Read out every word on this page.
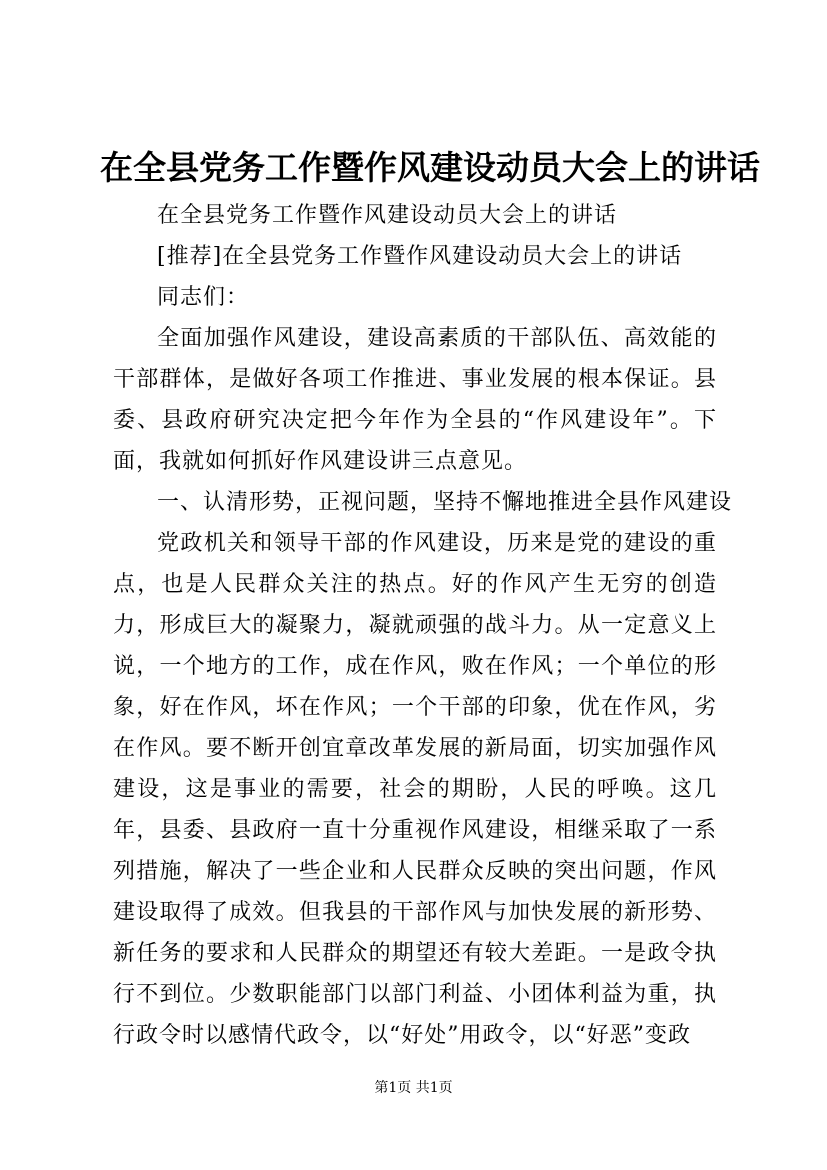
在全县党务工作暨作风建设动员大会上的讲话

在全县党务工作暨作风建设动员大会上的讲话

[推荐]在全县党务工作暨作风建设动员大会上的讲话

同志们：

全面加强作风建设，建设高素质的干部队伍、高效能的干部群体，是做好各项工作推进、事业发展的根本保证。县委、县政府研究决定把今年作为全县的“作风建设年”。下面，我就如何抓好作风建设讲三点意见。

一、认清形势，正视问题，坚持不懈地推进全县作风建设

党政机关和领导干部的作风建设，历来是党的建设的重点，也是人民群众关注的热点。好的作风产生无穷的创造力，形成巨大的凝聚力，凝就顽强的战斗力。从一定意义上说，一个地方的工作，成在作风，败在作风；一个单位的形象，好在作风，坏在作风；一个干部的印象，优在作风，劣在作风。要不断开创宜章改革发展的新局面，切实加强作风建设，这是事业的需要，社会的期盼，人民的呼唤。这几年，县委、县政府一直十分重视作风建设，相继采取了一系列措施，解决了一些企业和人民群众反映的突出问题，作风建设取得了成效。但我县的干部作风与加快发展的新形势、新任务的要求和人民群众的期望还有较大差距。一是政令执行不到位。少数职能部门以部门利益、小团体利益为重，执行政令时以感情代政令，以“好处”用政令，以“好恶”变政

第1页 共1页
